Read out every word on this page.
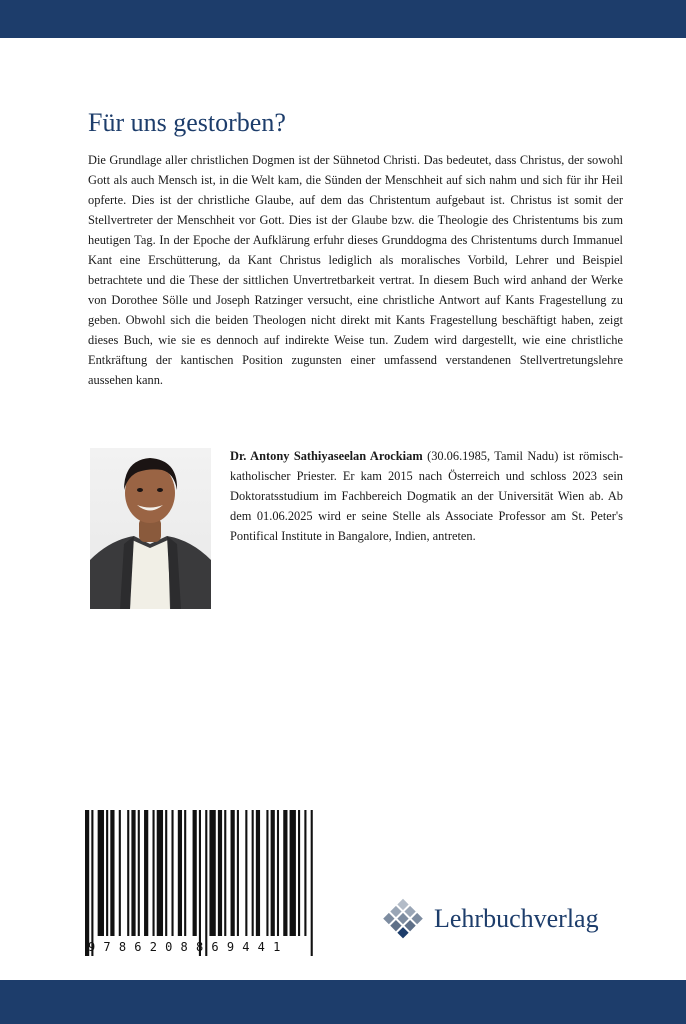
Für uns gestorben?

Die Grundlage aller christlichen Dogmen ist der Sühnetod Christi. Das bedeutet, dass Christus, der sowohl Gott als auch Mensch ist, in die Welt kam, die Sünden der Menschheit auf sich nahm und sich für ihr Heil opferte. Dies ist der christliche Glaube, auf dem das Christentum aufgebaut ist. Christus ist somit der Stellvertreter der Menschheit vor Gott. Dies ist der Glaube bzw. die Theologie des Christentums bis zum heutigen Tag. In der Epoche der Aufklärung erfuhr dieses Grunddogma des Christentums durch Immanuel Kant eine Erschütterung, da Kant Christus lediglich als moralisches Vorbild, Lehrer und Beispiel betrachtete und die These der sittlichen Unvertretbarkeit vertrat. In diesem Buch wird anhand der Werke von Dorothee Sölle und Joseph Ratzinger versucht, eine christliche Antwort auf Kants Fragestellung zu geben. Obwohl sich die beiden Theologen nicht direkt mit Kants Fragestellung beschäftigt haben, zeigt dieses Buch, wie sie es dennoch auf indirekte Weise tun. Zudem wird dargestellt, wie eine christliche Entkräftung der kantischen Position zugunsten einer umfassend verstandenen Stellvertretungslehre aussehen kann.

Dr. Antony Sathiyaseelan Arockiam (30.06.1985, Tamil Nadu) ist römisch-katholischer Priester. Er kam 2015 nach Österreich und schloss 2023 sein Doktoratsstudium im Fachbereich Dogmatik an der Universität Wien ab. Ab dem 01.06.2025 wird er seine Stelle als Associate Professor am St. Peter's Pontifical Institute in Bangalore, Indien, antreten.

9786208869441
Lehrbuchverlag
